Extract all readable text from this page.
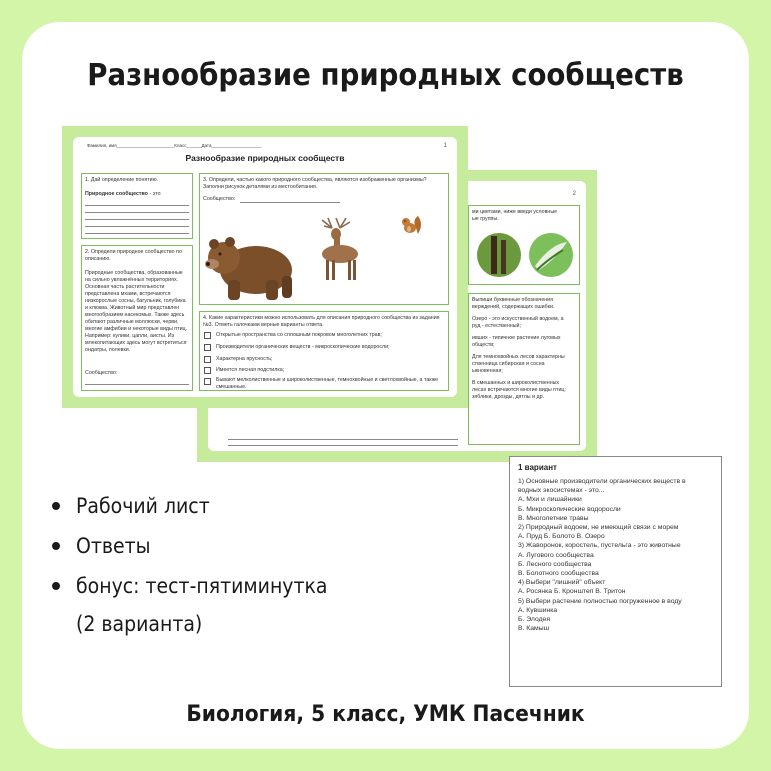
Разнообразие природных сообществ
2
ми цветами, ниже введи условные
ые группы.
Выпиши буквенные обозначения
верждений, содержащих ошибки.
Озеро - это искусственный водоем, а
руд - естественный;
ивших - типичное растение луговых
обществ;
Для темнохвойных лесов характерны
ственница сибирская и сосна
ыкновенная;
В смешанных и широколиственных
лесах встречаются многие виды птиц:
зяблики, дрозды, дятлы и др.
Фамилия, имя_______________________Класс______Дата____________________	1
Разнообразие природных сообществ
1. Дай определение понятию.
Природное сообщество - это
2. Определи природное сообщество по описанию.
Природные сообщества, образованные на сильно увлажнённых территориях. Основная часть растительности представлена мхами, встречаются низкорослые сосны, багульник, голубика и клюква. Животный мир представлен многообразием насекомых. Также здесь обитают различные моллюски, черви, многие амфибии и некоторые виды птиц. Например: кулики, цапли, аисты. Из млекопитающих здесь могут встретиться ондатры, полевки.
Сообщество:
3. Определи, частью какого природного сообщества, являются изображенные организмы? Заполни рисунок деталями из местообитания.
Сообщество:
4. Какие характеристики можно использовать для описания природного сообщества из задания №3. Отметь галочками верные варианты ответа.
Открытые пространства со сплошным покровом многолетних трав;
Производители органических веществ - микроскопические водоросли;
Характерна ярусность;
Имеется лесная подстилка;
Бывают мелколиственные и широколиственные, темнохвойные и светлохвойные, а также смешанные.
Рабочий лист
Ответы
бонус: тест-пятиминутка
(2 варианта)
1 вариант
1) Основные производители органических веществ в
водных экосистемах - это...
А. Мхи и лишайники
Б. Микроскопические водоросли
В. Многолетние травы
2) Природный водоем, не имеющий связи с морем
А. Пруд Б. Болото В. Озеро
3) Жаворонок, коростель, пустельга - это животные
А. Лугового сообщества
Б. Лесного сообщества
В. Болотного сообщества
4) Выбери "лишний" объект
А. Росянка Б. Кронштеп В. Тритон
5) Выбери растение полностью погруженное в воду
А. Кувшинка
Б. Элодея
В. Камыш
Биология, 5 класс, УМК Пасечник
